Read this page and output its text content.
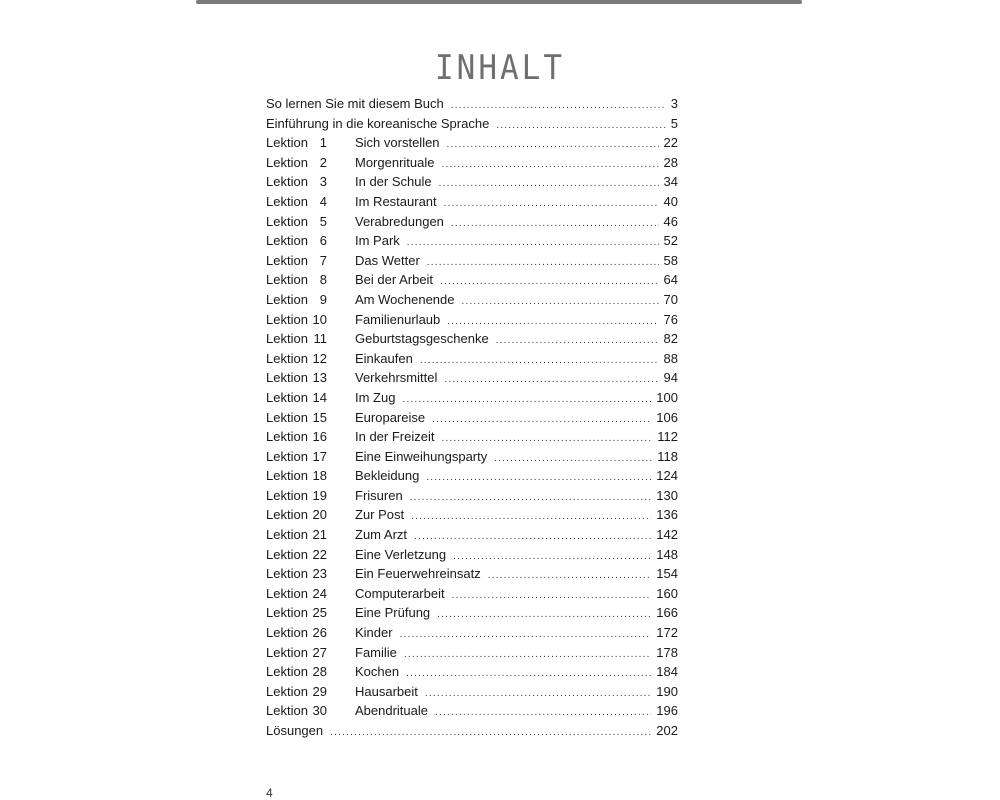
INHALT
So lernen Sie mit diesem Buch .....	3
Einführung in die koreanische Sprache .....	5
Lektion 1 Sich vorstellen .....	22
Lektion 2 Morgenrituale .....	28
Lektion 3 In der Schule .....	34
Lektion 4 Im Restaurant .....	40
Lektion 5 Verabredungen .....	46
Lektion 6 Im Park .....	52
Lektion 7 Das Wetter .....	58
Lektion 8 Bei der Arbeit .....	64
Lektion 9 Am Wochenende .....	70
Lektion 10 Familienurlaub .....	76
Lektion 11 Geburtstagsgeschenke .....	82
Lektion 12 Einkaufen .....	88
Lektion 13 Verkehrsmittel .....	94
Lektion 14 Im Zug .....	100
Lektion 15 Europareise .....	106
Lektion 16 In der Freizeit .....	112
Lektion 17 Eine Einweihungsparty .....	118
Lektion 18 Bekleidung .....	124
Lektion 19 Frisuren .....	130
Lektion 20 Zur Post .....	136
Lektion 21 Zum Arzt .....	142
Lektion 22 Eine Verletzung .....	148
Lektion 23 Ein Feuerwehreinsatz .....	154
Lektion 24 Computerarbeit .....	160
Lektion 25 Eine Prüfung .....	166
Lektion 26 Kinder .....	172
Lektion 27 Familie .....	178
Lektion 28 Kochen .....	184
Lektion 29 Hausarbeit .....	190
Lektion 30 Abendrituale .....	196
Lösungen .....	202
4
